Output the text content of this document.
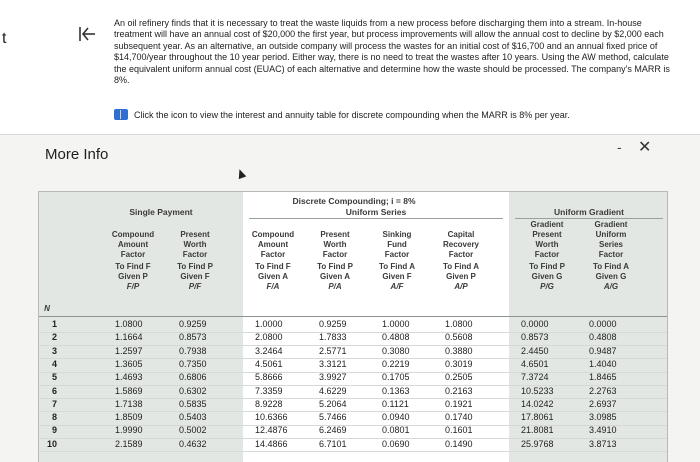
t
An oil refinery finds that it is necessary to treat the waste liquids from a new process before discharging them into a stream. In-house treatment will have an annual cost of $20,000 the first year, but process improvements will allow the annual cost to decline by $2,000 each subsequent year. As an alternative, an outside company will process the wastes for an initial cost of $16,700 and an annual fixed price of $14,700/year throughout the 10 year period. Either way, there is no need to treat the wastes after 10 years. Using the AW method, calculate the equivalent uniform annual cost (EUAC) of each alternative and determine how the waste should be processed. The company's MARR is 8%.
Click the icon to view the interest and annuity table for discrete compounding when the MARR is 8% per year.
More Info	- ✕
Discrete Compounding; i = 8%
Uniform Series
Single Payment	Uniform Gradient
Compound
Amount
Factor
To Find F
Given P
F/P
Present
Worth
Factor
To Find P
Given F
P/F
Compound
Amount
Factor
To Find F
Given A
F/A
Present
Worth
Factor
To Find P
Given A
P/A
Sinking
Fund
Factor
To Find A
Given F
A/F
Capital
Recovery
Factor
To Find A
Given P
A/P
Gradient
Present
Worth
Factor
To Find P
Given G
P/G
Gradient
Uniform
Series
Factor
To Find A
Given G
A/G
N
1	1.0800	0.9259	1.0000	0.9259	1.0000	1.0800	0.0000	0.0000
2	1.1664	0.8573	2.0800	1.7833	0.4808	0.5608	0.8573	0.4808
3	1.2597	0.7938	3.2464	2.5771	0.3080	0.3880	2.4450	0.9487
4	1.3605	0.7350	4.5061	3.3121	0.2219	0.3019	4.6501	1.4040
5	1.4693	0.6806	5.8666	3.9927	0.1705	0.2505	7.3724	1.8465
6	1.5869	0.6302	7.3359	4.6229	0.1363	0.2163	10.5233	2.2763
7	1.7138	0.5835	8.9228	5.2064	0.1121	0.1921	14.0242	2.6937
8	1.8509	0.5403	10.6366	5.7466	0.0940	0.1740	17.8061	3.0985
9	1.9990	0.5002	12.4876	6.2469	0.0801	0.1601	21.8081	3.4910
10	2.1589	0.4632	14.4866	6.7101	0.0690	0.1490	25.9768	3.8713
